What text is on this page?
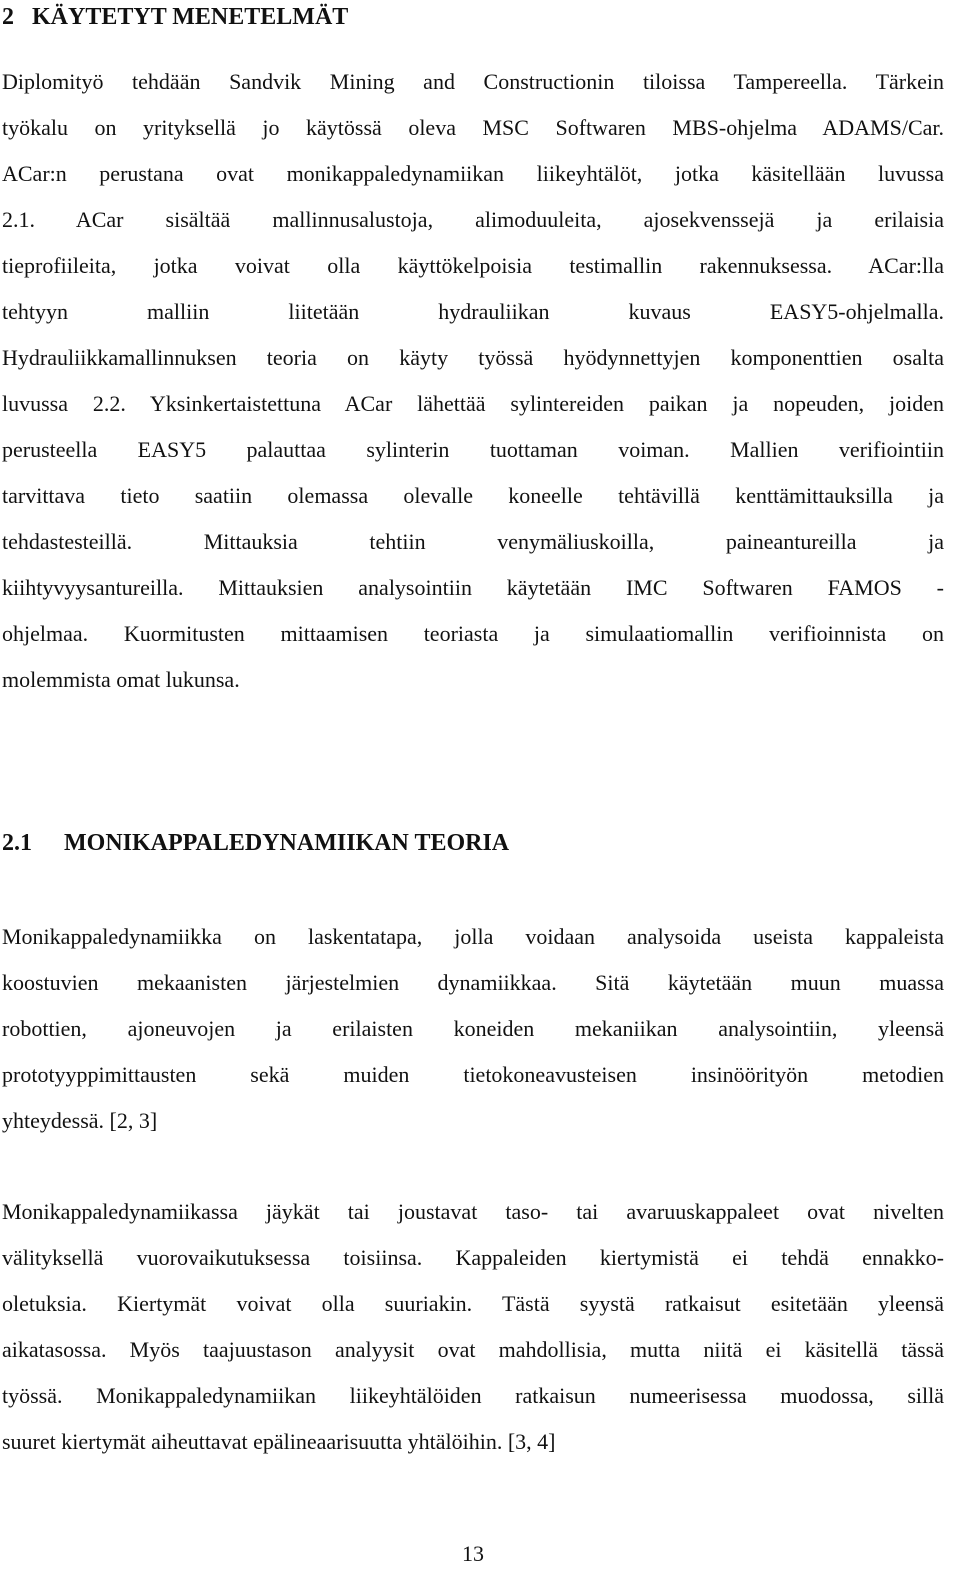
2 KÄYTETYT MENETELMÄT
Diplomityö tehdään Sandvik Mining and Constructionin tiloissa Tampereella. Tärkein
työkalu on yrityksellä jo käytössä oleva MSC Softwaren MBS-ohjelma ADAMS/Car.
ACar:n perustana ovat monikappaledynamiikan liikeyhtälöt, jotka käsitellään luvussa
2.1. ACar sisältää mallinnusalustoja, alimoduuleita, ajosekvenssejä ja erilaisia
tieprofiileita, jotka voivat olla käyttökelpoisia testimallin rakennuksessa. ACar:lla
tehtyyn malliin liitetään hydrauliikan kuvaus EASY5-ohjelmalla.
Hydrauliikkamallinnuksen teoria on käyty työssä hyödynnettyjen komponenttien osalta
luvussa 2.2. Yksinkertaistettuna ACar lähettää sylintereiden paikan ja nopeuden, joiden
perusteella EASY5 palauttaa sylinterin tuottaman voiman. Mallien verifiointiin
tarvittava tieto saatiin olemassa olevalle koneelle tehtävillä kenttämittauksilla ja
tehdastesteillä. Mittauksia tehtiin venymäliuskoilla, paineantureilla ja
kiihtyvyysantureilla. Mittauksien analysointiin käytetään IMC Softwaren FAMOS -
ohjelmaa. Kuormitusten mittaamisen teoriasta ja simulaatiomallin verifioinnista on
molemmista omat lukunsa.
2.1 MONIKAPPALEDYNAMIIKAN TEORIA
Monikappaledynamiikka on laskentatapa, jolla voidaan analysoida useista kappaleista
koostuvien mekaanisten järjestelmien dynamiikkaa. Sitä käytetään muun muassa
robottien, ajoneuvojen ja erilaisten koneiden mekaniikan analysointiin, yleensä
prototyyppimittausten sekä muiden tietokoneavusteisen insinöörityön metodien
yhteydessä. [2, 3]
Monikappaledynamiikassa jäykät tai joustavat taso- tai avaruuskappaleet ovat nivelten
välityksellä vuorovaikutuksessa toisiinsa. Kappaleiden kiertymistä ei tehdä ennakko-
oletuksia. Kiertymät voivat olla suuriakin. Tästä syystä ratkaisut esitetään yleensä
aikatasossa. Myös taajuustason analyysit ovat mahdollisia, mutta niitä ei käsitellä tässä
työssä. Monikappaledynamiikan liikeyhtälöiden ratkaisun numeerisessa muodossa, sillä
suuret kiertymät aiheuttavat epälineaarisuutta yhtälöihin. [3, 4]

13
